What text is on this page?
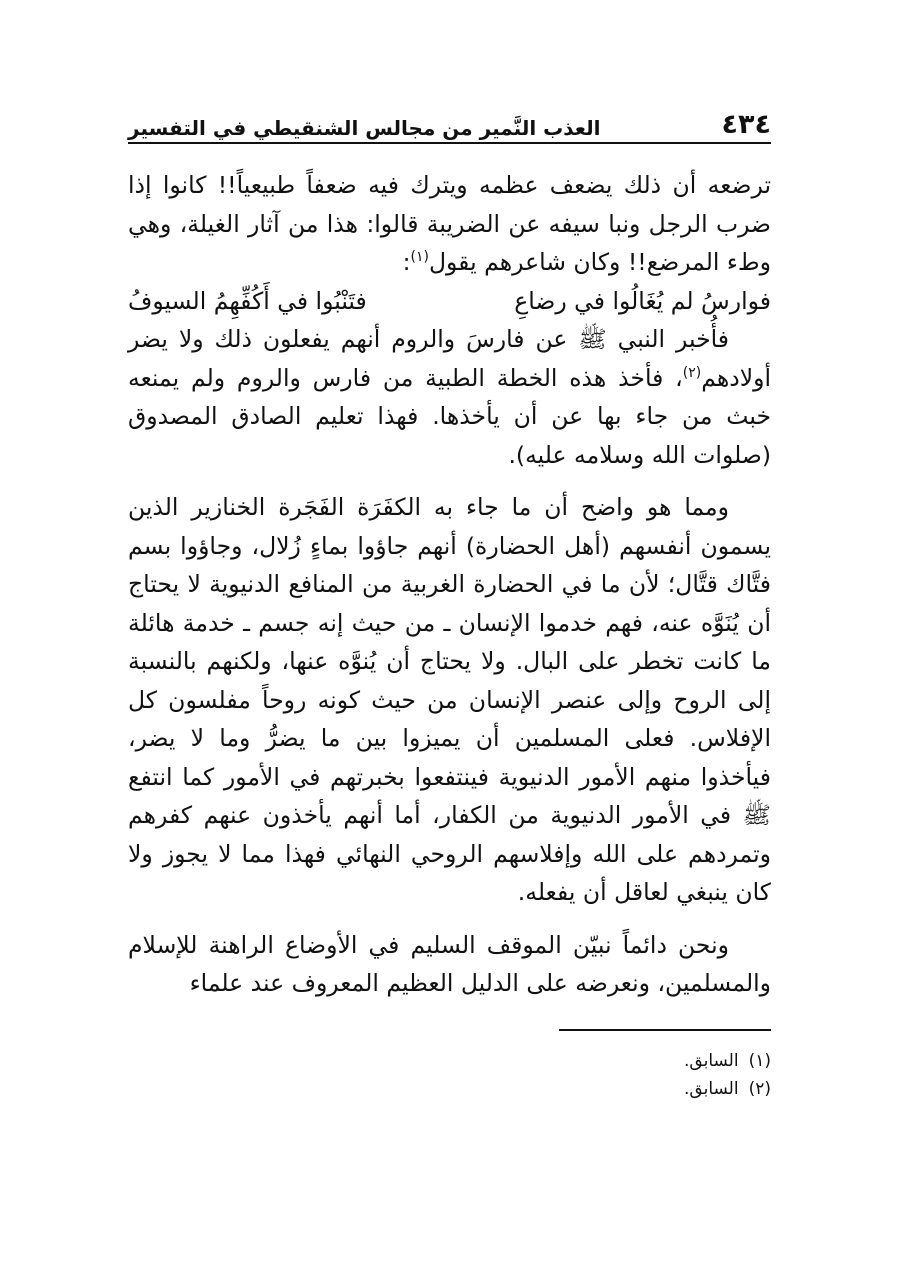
٤٣٤
العذب النَّمير من مجالس الشنقيطي في التفسير

ترضعه أن ذلك يضعف عظمه ويترك فيه ضعفاً طبيعياً!! كانوا إذا ضرب الرجل ونبا سيفه عن الضريبة قالوا: هذا من آثار الغيلة، وهي وطء المرضع!! وكان شاعرهم يقول$^{(١)}$:

فوارسُ لم يُغَالُوا في رضاعِ
فتَنْبُوا في أَكُفِّهِمُ السيوفُ

فأُخبر النبي ﷺ عن فارسَ والروم أنهم يفعلون ذلك ولا يضر أولادهم$^{(٢)}$، فأخذ هذه الخطة الطبية من فارس والروم ولم يمنعه خبث من جاء بها عن أن يأخذها. فهذا تعليم الصادق المصدوق (صلوات الله وسلامه عليه).

ومما هو واضح أن ما جاء به الكفَرَة الفَجَرة الخنازير الذين يسمون أنفسهم (أهل الحضارة) أنهم جاؤوا بماءٍ زُلال، وجاؤوا بسم فتَّاك قتَّال؛ لأن ما في الحضارة الغربية من المنافع الدنيوية لا يحتاج أن يُنَوَّه عنه، فهم خدموا الإنسان ـ من حيث إنه جسم ـ خدمة هائلة ما كانت تخطر على البال. ولا يحتاج أن يُنوَّه عنها، ولكنهم بالنسبة إلى الروح وإلى عنصر الإنسان من حيث كونه روحاً مفلسون كل الإفلاس. فعلى المسلمين أن يميزوا بين ما يضرُّ وما لا يضر، فيأخذوا منهم الأمور الدنيوية فينتفعوا بخبرتهم في الأمور كما انتفع ﷺ في الأمور الدنيوية من الكفار، أما أنهم يأخذون عنهم كفرهم وتمردهم على الله وإفلاسهم الروحي النهائي فهذا مما لا يجوز ولا كان ينبغي لعاقل أن يفعله.

ونحن دائماً نبيّن الموقف السليم في الأوضاع الراهنة للإسلام والمسلمين، ونعرضه على الدليل العظيم المعروف عند علماء

(١)
السابق.
(٢)
السابق.
